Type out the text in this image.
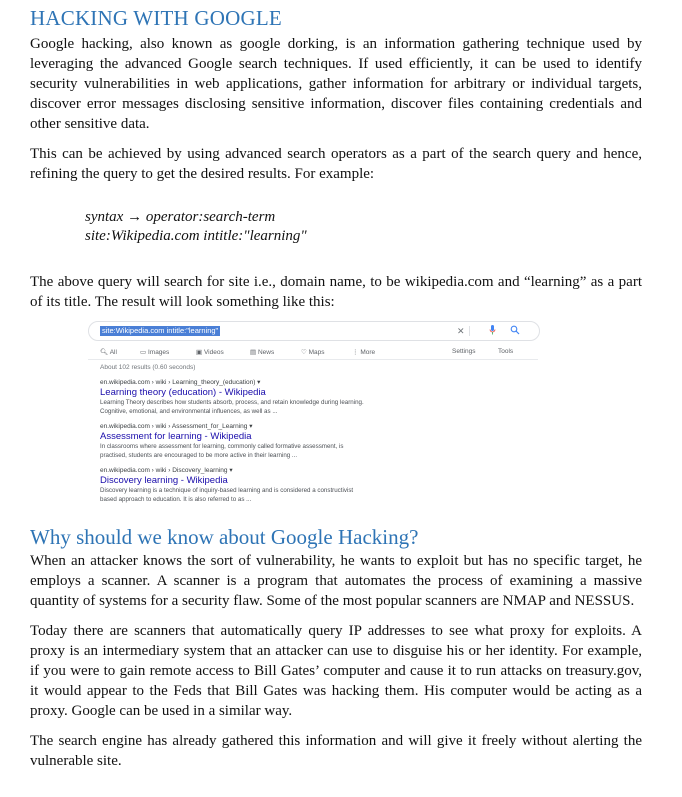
HACKING WITH GOOGLE

Google hacking, also known as google dorking, is an information gathering technique used by leveraging the advanced Google search techniques. If used efficiently, it can be used to identify security vulnerabilities in web applications, gather information for arbitrary or individual targets, discover error messages disclosing sensitive information, discover files containing credentials and other sensitive data.

This can be achieved by using advanced search operators as a part of the search query and hence, refining the query to get the desired results. For example:

syntax → operator:search-term
site:Wikipedia.com intitle:"learning"

The above query will search for site i.e., domain name, to be wikipedia.com and “learning” as a part of its title. The result will look something like this:

site:Wikipedia.com intitle:"learning"	✕
🔍︎ All	▭ Images	▣ Videos	▤ News	♡ Maps	⋮ More	Settings	Tools
About 102 results (0.60 seconds)
en.wikipedia.com › wiki › Learning_theory_(education) ▾
Learning theory (education) - Wikipedia
Learning Theory describes how students absorb, process, and retain knowledge during learning.
Cognitive, emotional, and environmental influences, as well as ...
en.wikipedia.com › wiki › Assessment_for_Learning ▾
Assessment for learning - Wikipedia
In classrooms where assessment for learning, commonly called formative assessment, is
practised, students are encouraged to be more active in their learning ...
en.wikipedia.com › wiki › Discovery_learning ▾
Discovery learning - Wikipedia
Discovery learning is a technique of inquiry-based learning and is considered a constructivist
based approach to education. It is also referred to as ...
Why should we know about Google Hacking?

When an attacker knows the sort of vulnerability, he wants to exploit but has no specific target, he employs a scanner. A scanner is a program that automates the process of examining a massive quantity of systems for a security flaw. Some of the most popular scanners are NMAP and NESSUS.

Today there are scanners that automatically query IP addresses to see what proxy for exploits. A proxy is an intermediary system that an attacker can use to disguise his or her identity. For example, if you were to gain remote access to Bill Gates’ computer and cause it to run attacks on treasury.gov, it would appear to the Feds that Bill Gates was hacking them. His computer would be acting as a proxy. Google can be used in a similar way.

The search engine has already gathered this information and will give it freely without alerting the vulnerable site.
